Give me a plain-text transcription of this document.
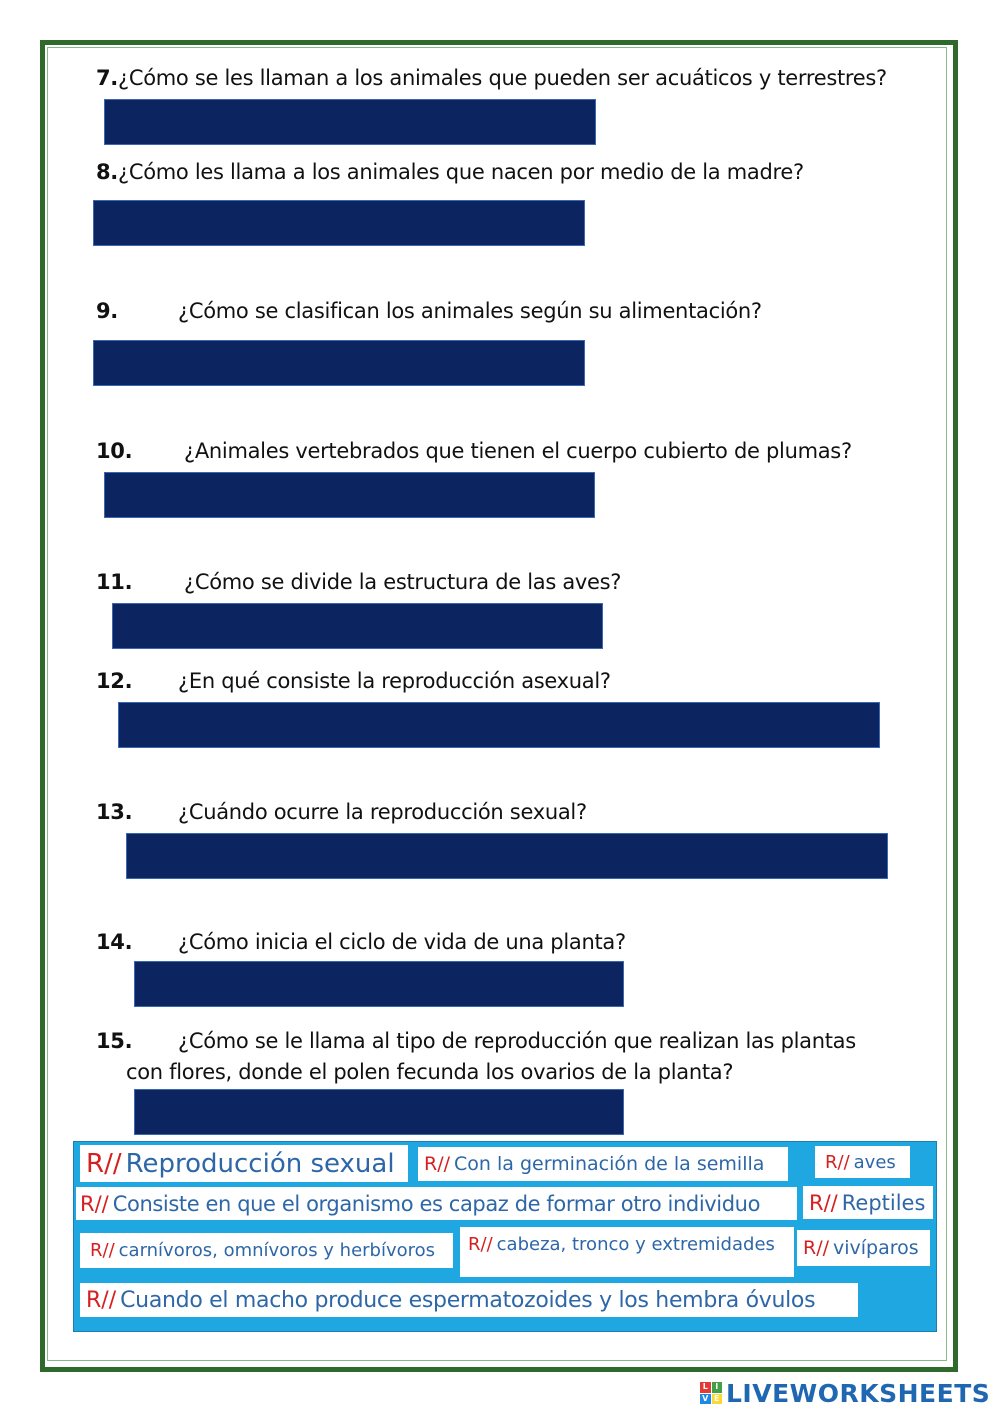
7.¿Cómo se les llaman a los animales que pueden ser acuáticos y terrestres?
8.¿Cómo les llama a los animales que nacen por medio de la madre?
9.	¿Cómo se clasifican los animales según su alimentación?
10. ¿Animales vertebrados que tienen el cuerpo cubierto de plumas?
11. ¿Cómo se divide la estructura de las aves?
12. ¿En qué consiste la reproducción asexual?
13. ¿Cuándo ocurre la reproducción sexual?
14. ¿Cómo inicia el ciclo de vida de una planta?
15. ¿Cómo se le llama al tipo de reproducción que realizan las plantas
con flores, donde el polen fecunda los ovarios de la planta?
R// Reproducción sexual R// Con la germinación de la semilla	R// aves
R// Consiste en que el organismo es capaz de formar otro individuo R// Reptiles
R// carnívoros, omnívoros y herbívoros R// cabeza, tronco y extremidades R// vivíparos
R// Cuando el macho produce espermatozoides y los hembra óvulos
L I
V E LIVEWORKSHEETS
